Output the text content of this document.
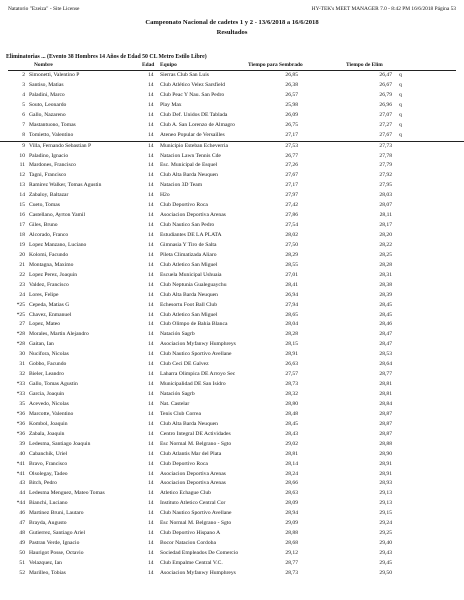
Natatorio "Ezeiza" - Site License	HY-TEK's MEET MANAGER 7.0 - 8:42 PM 16/6/2018 Página 53
Campeonato Nacional de cadetes 1 y 2 - 13/6/2018 a 16/6/2018
Resultados
Eliminatorias ... (Evento 38 Hombres 14 Años de Edad 50 CL Metro Estilo Libre)
Nombre	Edad Equipo	Tiempo para Sembrado	Tiempo de Elim
2 Simonetti, Valentino P	14 Sierras Club San Luis	26,85	26,47 q
3 Santiso, Matias	14 Club Atlético Velez Sarsfield	26,38	26,67 q
4 Paladini, Marco	14 Club Peac Y Nau. San Pedro	26,57	26,79 q
5 Souto, Leonardo	14 Play Max	25,98	26,96 q
6 Gallo, Nazareno	14 Club Def. Unidos DE Tablada	26,09	27,07 q
7 Mastantuono, Tomas	14 Club A. San Lorenzo de Almagro	26,75	27,27 q
8 Tomietto, Valentino	14 Ateneo Popular de Versailles	27,17	27,67 q
9 Villa, Fernando Sebastian P	14 Municipio Esteban Echeverria	27,53	27,73
10 Paladino, Ignacio	14 Natacion Lawn Tennis Cde	26,77	27,78
11 Mardones, Francisco	14 Esc. Municipal de Esquel	27,26	27,79
12 Tagni, Francisco	14 Club Alta Barda Neuquen	27,67	27,92
13 Ramirez Walker, Tomas Agustin	14 Natacion 3D Team	27,17	27,95
14 Zabaloy, Baltazar	14 H2o	27,97	28,03
15 Cueto, Tomas	14 Club Deportivo Roca	27,42	28,07
16 Castellano, Ayrton Yamil	14 Asociacion Deportiva Arenas	27,86	28,11
17 Giles, Bruno	14 Club Nautico San Pedro	27,54	28,17
18 Alcorado, Franco	14 Estudiantes DE LA PLATA	28,02	28,20
19 Lopez Manzano, Luciano	14 Gimnasia Y Tiro de Salta	27,50	28,22
20 Kolomi, Facundo	14 Pileta Climatizada Aliaro	28,29	28,25
21 Montagna, Maximo	14 Club Atletico San Miguel	28,55	28,28
22 Lopez Perez, Joaquin	14 Escuela Municipal Ushuaia	27,01	28,31
23 Valdez, Francisco	14 Club Neptunia Gualeguaychu	28,41	28,38
24 Lores, Felipe	14 Club Alta Barda Neuquen	26,94	28,39
*25 Cepeda, Matias G	14 Echesortu Foot Ball Club	27,94	28,45
*25 Chavez, Enmanuel	14 Club Atletico San Miguel	28,65	28,45
27 Lopez, Mateo	14 Club Olimpo de Bahia Blanca	28,04	28,46
*28 Morales, Martin Alejandro	14 Natación Sagrb	28,28	28,47
*28 Gaitan, Ian	14 Asociacion Myfanwy Humphreys	28,15	28,47
30 Nucifora, Nicolas	14 Club Nautico Sportivo Avellane	28,91	28,53
31 Gobbo, Facundo	14 Club Ceci DE Galvez	26,63	28,64
32 Bieler, Leandro	14 Laharra Olimpica DE Arroyo Sec	27,57	28,77
*33 Gallo, Tomas Agustin	14 Municipalidad DE San Isidro	28,73	28,81
*33 Garcia, Joaquin	14 Natación Sagrb	28,32	28,81
35 Acevedo, Nicolas	14 Nat. Castelar	28,80	28,84
*36 Marcotte, Valentino	14 Tenis Club Correa	28,48	28,87
*36 Kombol, Joaquin	14 Club Alta Barda Neuquen	28,45	28,87
*36 Zabala, Joaquin	14 Centro Integral DE Actividades	28,43	28,87
39 Ledesma, Santiago Joaquin	14 Esc Normal M. Belgrano - Sgto	29,02	28,88
40 Cabanchik, Uriel	14 Club Atlantis Mar del Plata	28,81	28,90
*41 Bravo, Francisco	14 Club Deportivo Roca	28,14	28,91
*41 Olsolegay, Tadeo	14 Asociacion Deportiva Arenas	28,24	28,91
43 Bitch, Pedro	14 Asociacion Deportiva Arenas	28,66	28,93
44 Ledesma Menguez, Mateo Tomas	14 Atletico Echague Club	28,63	29,13
*44 Bianchi, Luciano	14 Instituto Atletico Central Cor	28,09	29,13
46 Martinez Bruni, Lautaro	14 Club Nautico Sportivo Avellane	28,94	29,15
47 Brayda, Augusto	14 Esc Normal M. Belgrano - Sgto	29,09	29,24
48 Gutierrez, Santiago Ariel	14 Club Deportivo Hispano A	28,88	29,25
49 Pastran Verde, Ignacio	14 Bocor Natacion Cordoba	28,68	29,40
50 Haurigot Posse, Octavio	14 Sociedad Empleados De Comercio	29,12	29,43
51 Velazquez, Ian	14 Club Empalme Central V.C.	28,77	29,45
52 Marilleo, Tobias	14 Asociacion Myfanwy Humphreys	28,73	29,50
